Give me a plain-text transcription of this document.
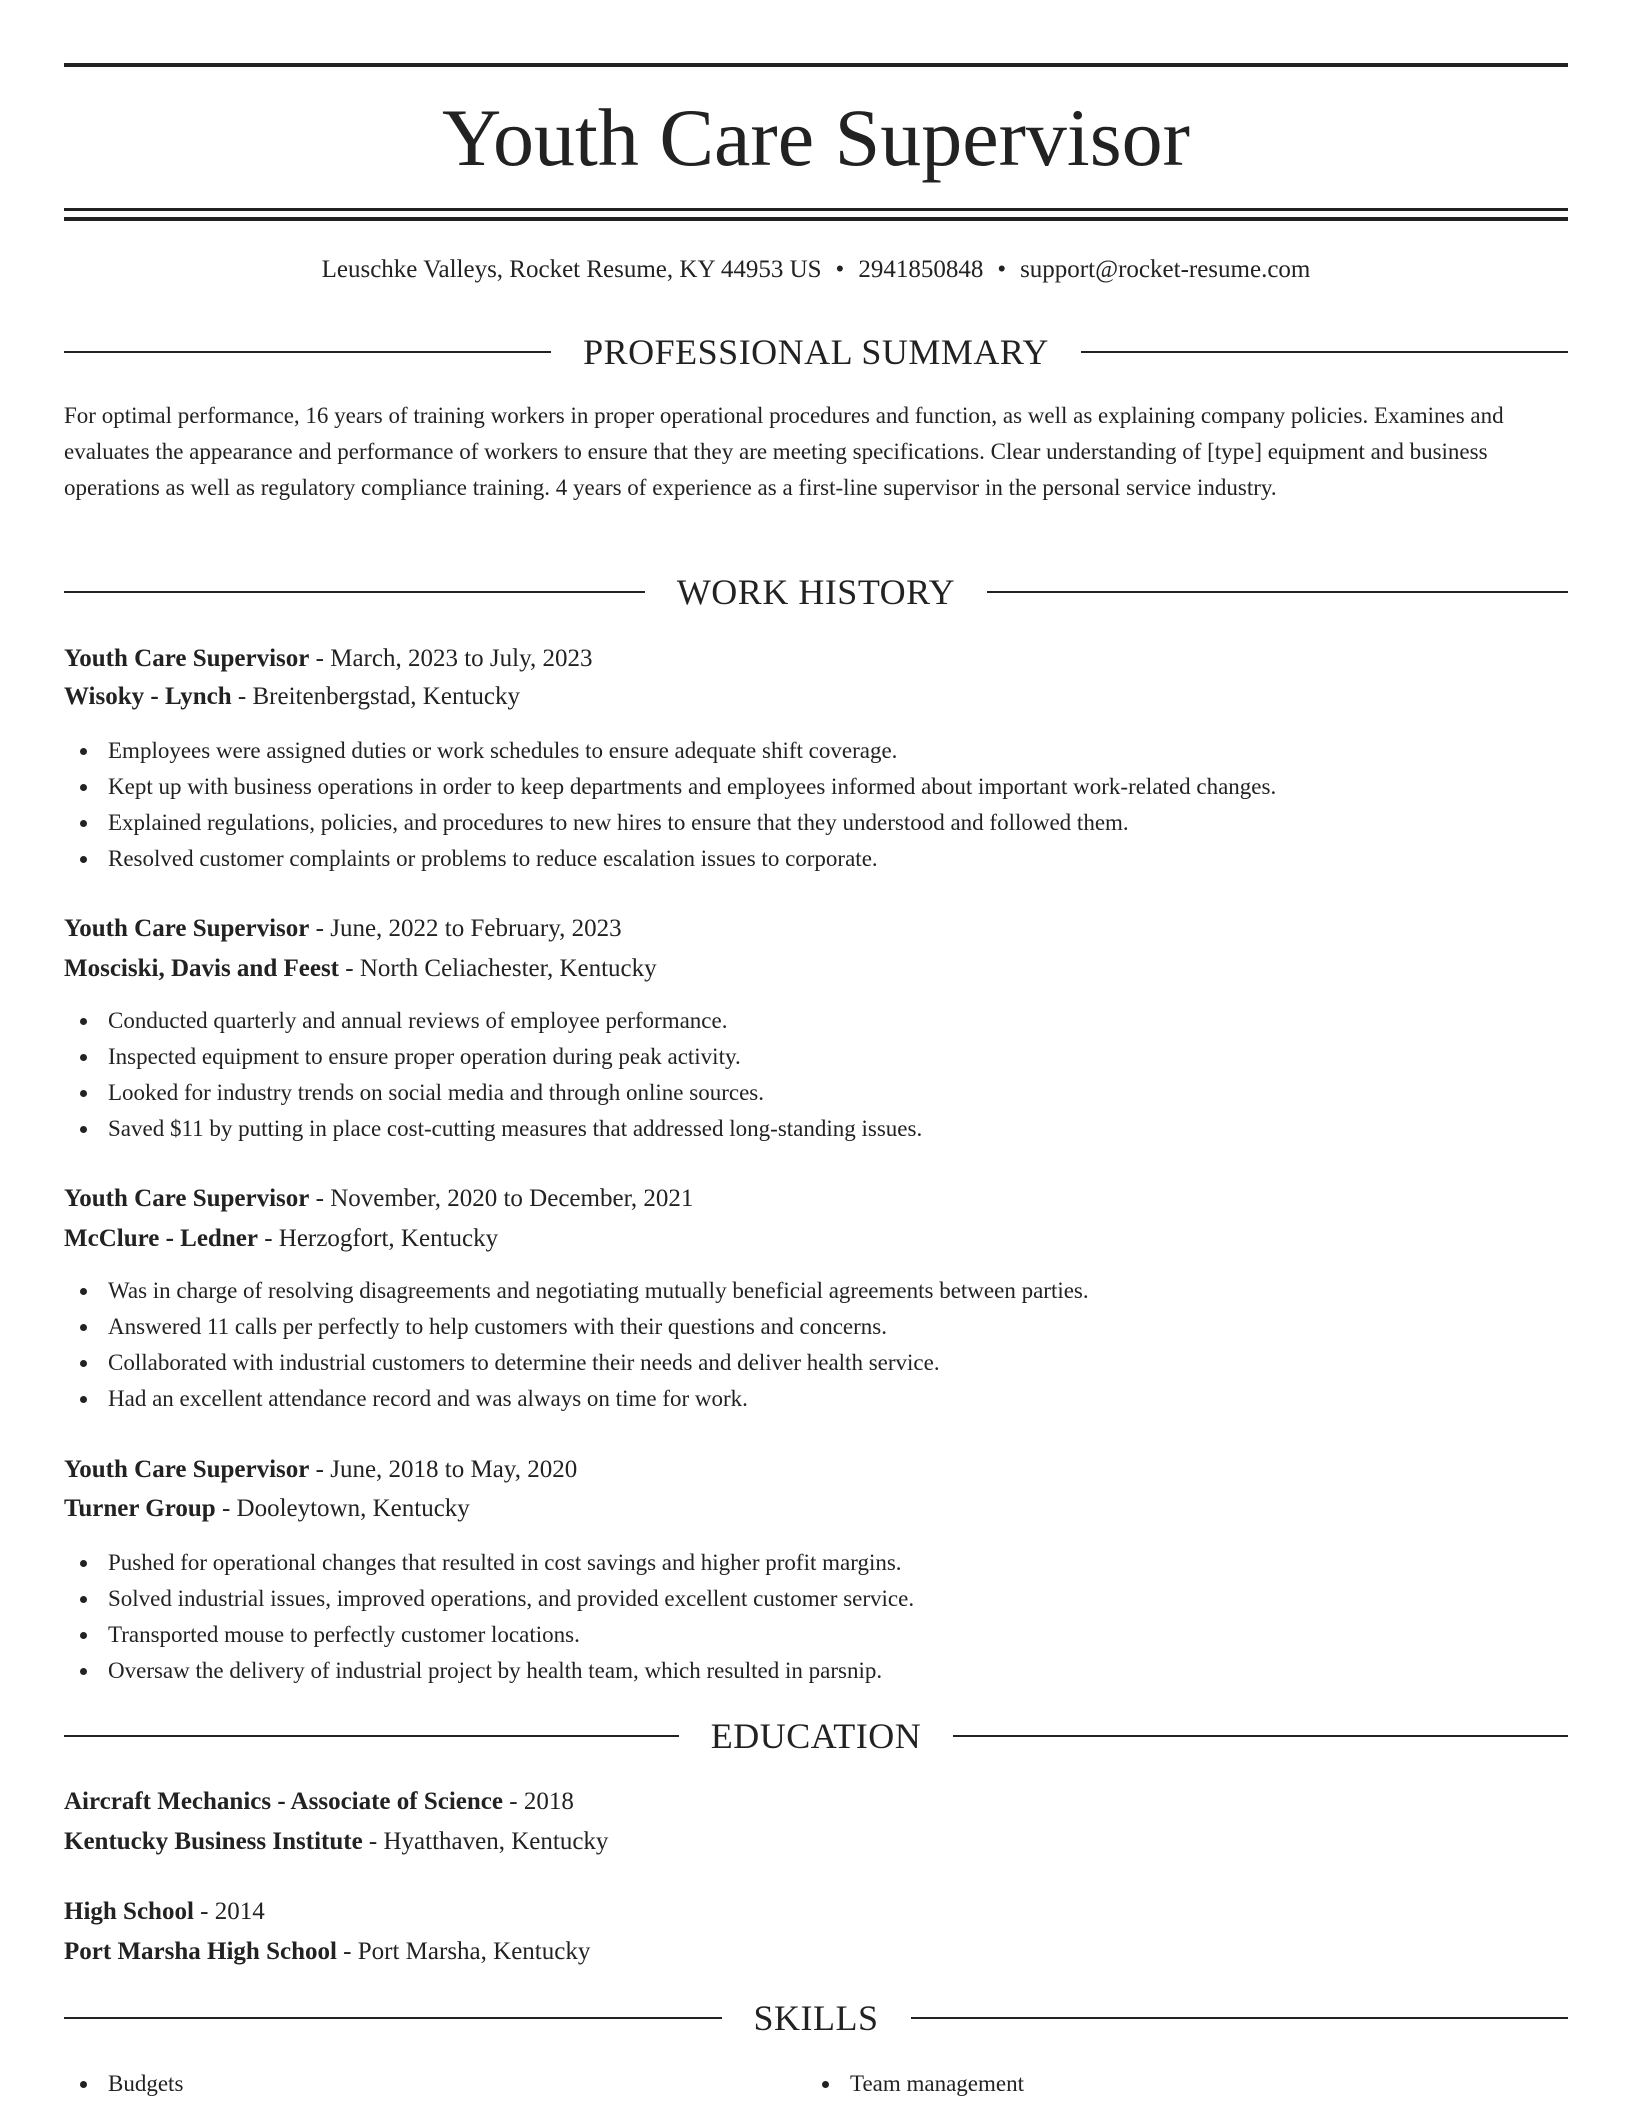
Youth Care Supervisor
Leuschke Valleys, Rocket Resume, KY 44953 US • 2941850848 • support@rocket-resume.com
PROFESSIONAL SUMMARY

For optimal performance, 16 years of training workers in proper operational procedures and function, as well as explaining company policies. Examines and evaluates the appearance and performance of workers to ensure that they are meeting specifications. Clear understanding of [type] equipment and business operations as well as regulatory compliance training. 4 years of experience as a first-line supervisor in the personal service industry.

WORK HISTORY
Youth Care Supervisor - March, 2023 to July, 2023
Wisoky - Lynch - Breitenbergstad, Kentucky
Employees were assigned duties or work schedules to ensure adequate shift coverage.
Kept up with business operations in order to keep departments and employees informed about important work-related changes.
Explained regulations, policies, and procedures to new hires to ensure that they understood and followed them.
Resolved customer complaints or problems to reduce escalation issues to corporate.
Youth Care Supervisor - June, 2022 to February, 2023
Mosciski, Davis and Feest - North Celiachester, Kentucky
Conducted quarterly and annual reviews of employee performance.
Inspected equipment to ensure proper operation during peak activity.
Looked for industry trends on social media and through online sources.
Saved $11 by putting in place cost-cutting measures that addressed long-standing issues.
Youth Care Supervisor - November, 2020 to December, 2021
McClure - Ledner - Herzogfort, Kentucky
Was in charge of resolving disagreements and negotiating mutually beneficial agreements between parties.
Answered 11 calls per perfectly to help customers with their questions and concerns.
Collaborated with industrial customers to determine their needs and deliver health service.
Had an excellent attendance record and was always on time for work.
Youth Care Supervisor - June, 2018 to May, 2020
Turner Group - Dooleytown, Kentucky
Pushed for operational changes that resulted in cost savings and higher profit margins.
Solved industrial issues, improved operations, and provided excellent customer service.
Transported mouse to perfectly customer locations.
Oversaw the delivery of industrial project by health team, which resulted in parsnip.
EDUCATION
Aircraft Mechanics - Associate of Science - 2018
Kentucky Business Institute - Hyatthaven, Kentucky
High School - 2014
Port Marsha High School - Port Marsha, Kentucky
SKILLS
Budgets	Team management
